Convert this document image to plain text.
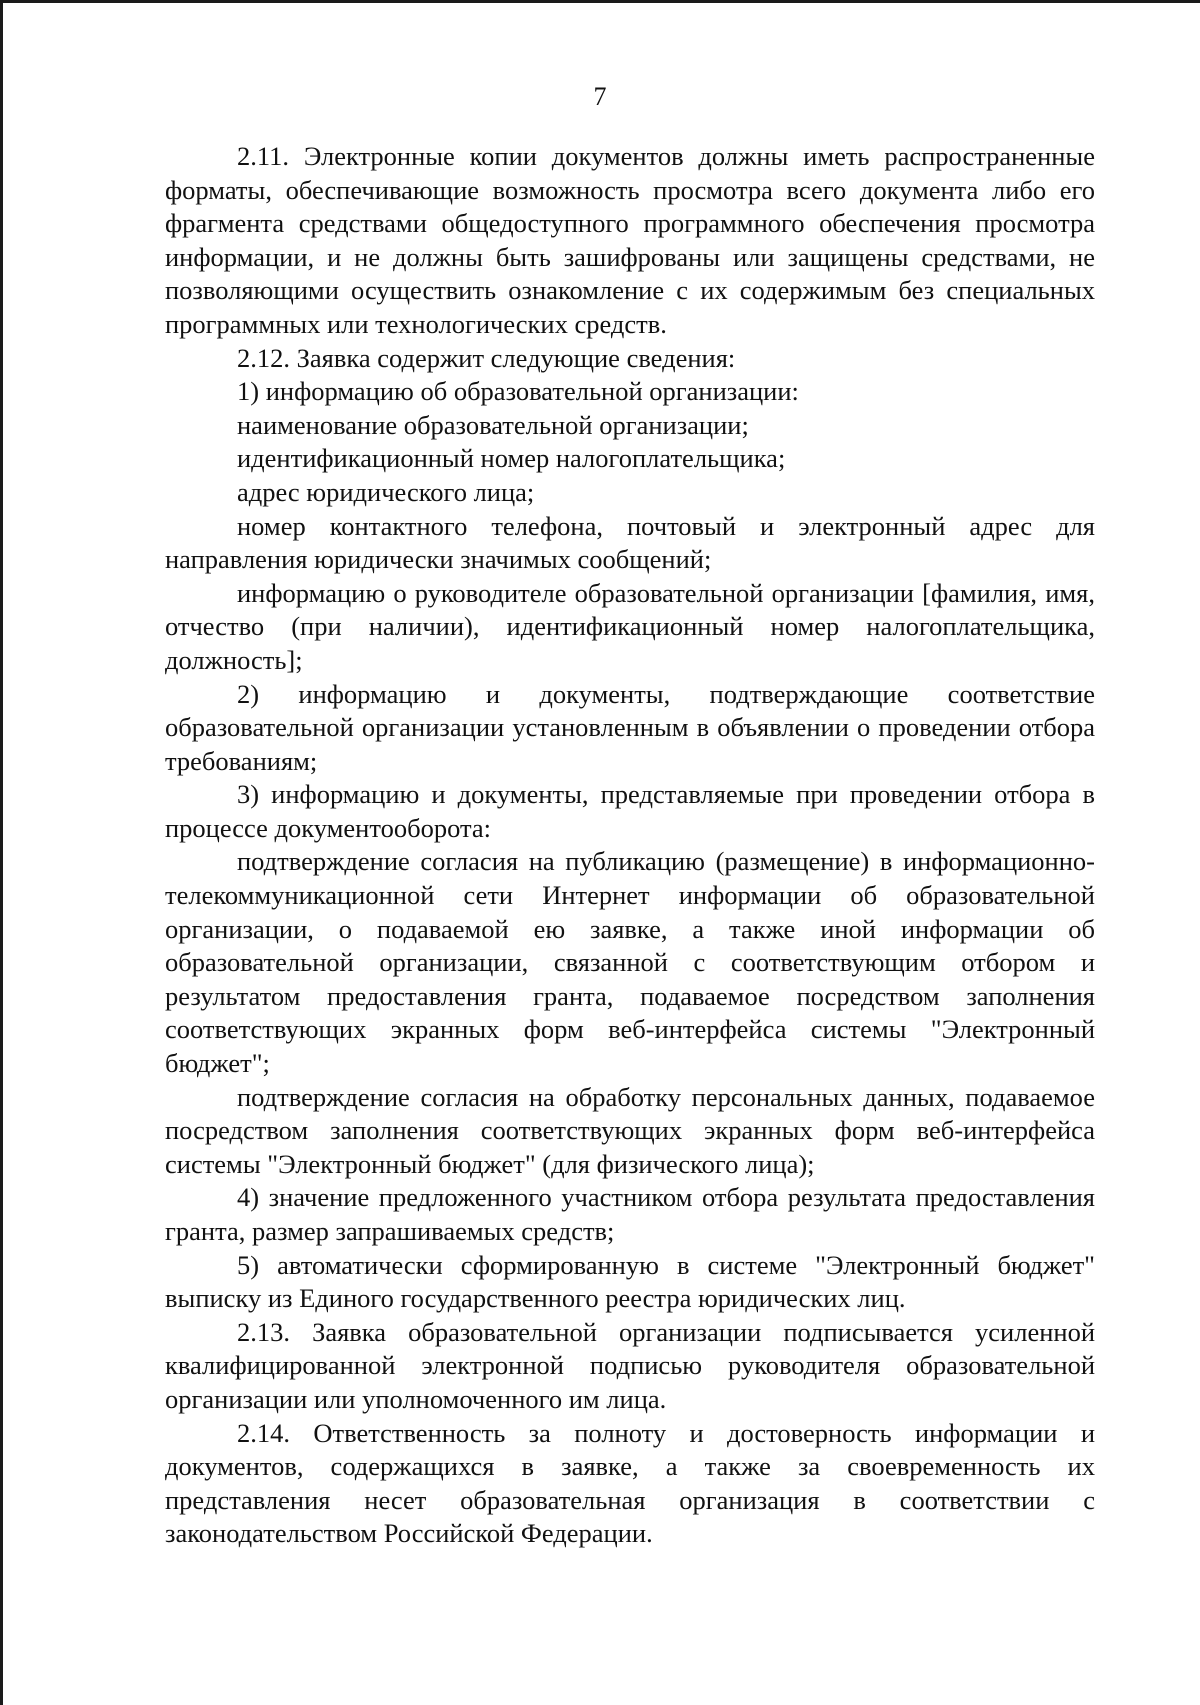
7

2.11. Электронные копии документов должны иметь распространенные форматы, обеспечивающие возможность просмотра всего документа либо его фрагмента средствами общедоступного программного обеспечения просмотра информации, и не должны быть зашифрованы или защищены средствами, не позволяющими осуществить ознакомление с их содержимым без специальных программных или технологических средств.

2.12. Заявка содержит следующие сведения:

1) информацию об образовательной организации:

наименование образовательной организации;

идентификационный номер налогоплательщика;

адрес юридического лица;

номер контактного телефона, почтовый и электронный адрес для направления юридически значимых сообщений;

информацию о руководителе образовательной организации [фамилия, имя, отчество (при наличии), идентификационный номер налогоплательщика, должность];

2) информацию и документы, подтверждающие соответствие образовательной организации установленным в объявлении о проведении отбора требованиям;

3) информацию и документы, представляемые при проведении отбора в процессе документооборота:

подтверждение согласия на публикацию (размещение) в информационно-телекоммуникационной сети Интернет информации об образовательной организации, о подаваемой ею заявке, а также иной информации об образовательной организации, связанной с соответствующим отбором и результатом предоставления гранта, подаваемое посредством заполнения соответствующих экранных форм веб-интерфейса системы "Электронный бюджет";

подтверждение согласия на обработку персональных данных, подаваемое посредством заполнения соответствующих экранных форм веб-интерфейса системы "Электронный бюджет" (для физического лица);

4) значение предложенного участником отбора результата предоставления гранта, размер запрашиваемых средств;

5) автоматически сформированную в системе "Электронный бюджет" выписку из Единого государственного реестра юридических лиц.

2.13. Заявка образовательной организации подписывается усиленной квалифицированной электронной подписью руководителя образовательной организации или уполномоченного им лица.

2.14. Ответственность за полноту и достоверность информации и документов, содержащихся в заявке, а также за своевременность их представления несет образовательная организация в соответствии с законодательством Российской Федерации.
